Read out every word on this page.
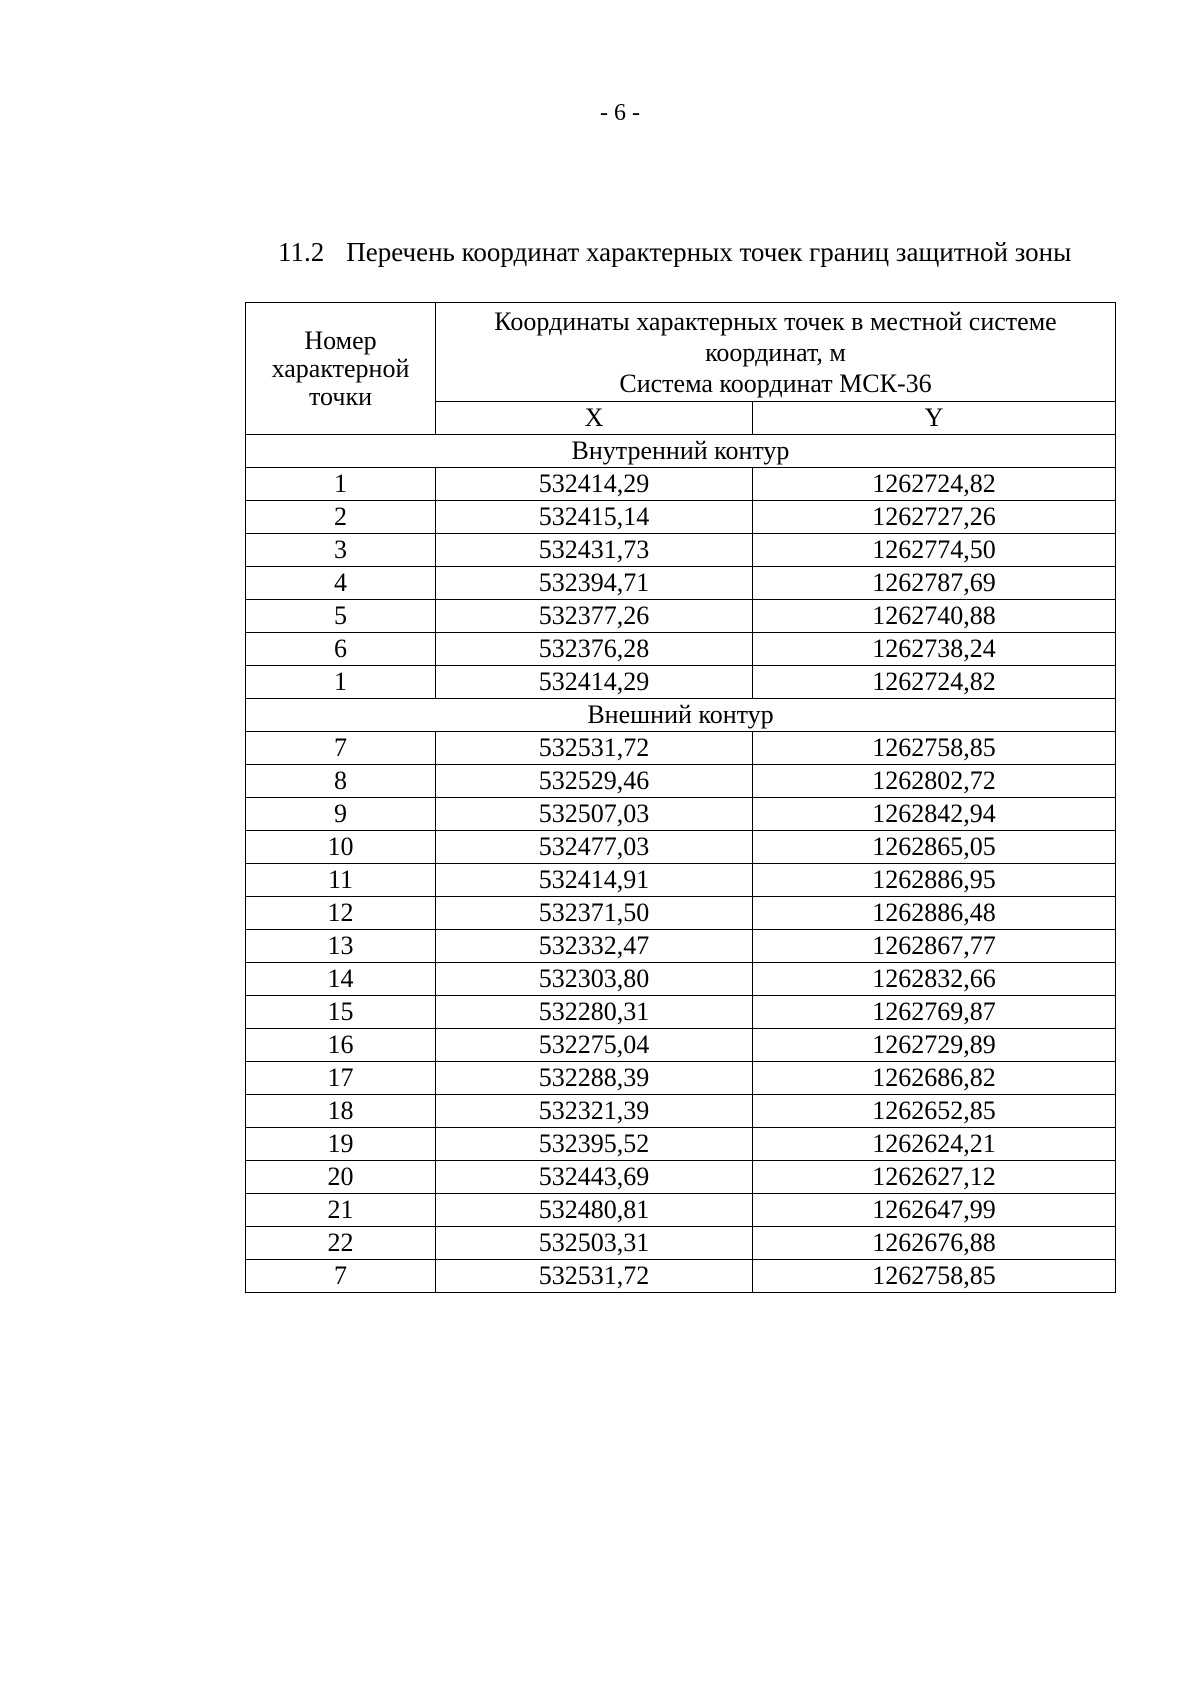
- 6 -
11.2 Перечень координат характерных точек границ защитной зоны
Номер характерной точки	Координаты характерных точек в местной системе координат, м
Система координат МСК-36	

	X	Y
Внутренний контур		
1	532414,29	1262724,82
2	532415,14	1262727,26
3	532431,73	1262774,50
4	532394,71	1262787,69
5	532377,26	1262740,88
6	532376,28	1262738,24
1	532414,29	1262724,82
Внешний контур		
7	532531,72	1262758,85
8	532529,46	1262802,72
9	532507,03	1262842,94
10	532477,03	1262865,05
11	532414,91	1262886,95
12	532371,50	1262886,48
13	532332,47	1262867,77
14	532303,80	1262832,66
15	532280,31	1262769,87
16	532275,04	1262729,89
17	532288,39	1262686,82
18	532321,39	1262652,85
19	532395,52	1262624,21
20	532443,69	1262627,12
21	532480,81	1262647,99
22	532503,31	1262676,88
7	532531,72	1262758,85
